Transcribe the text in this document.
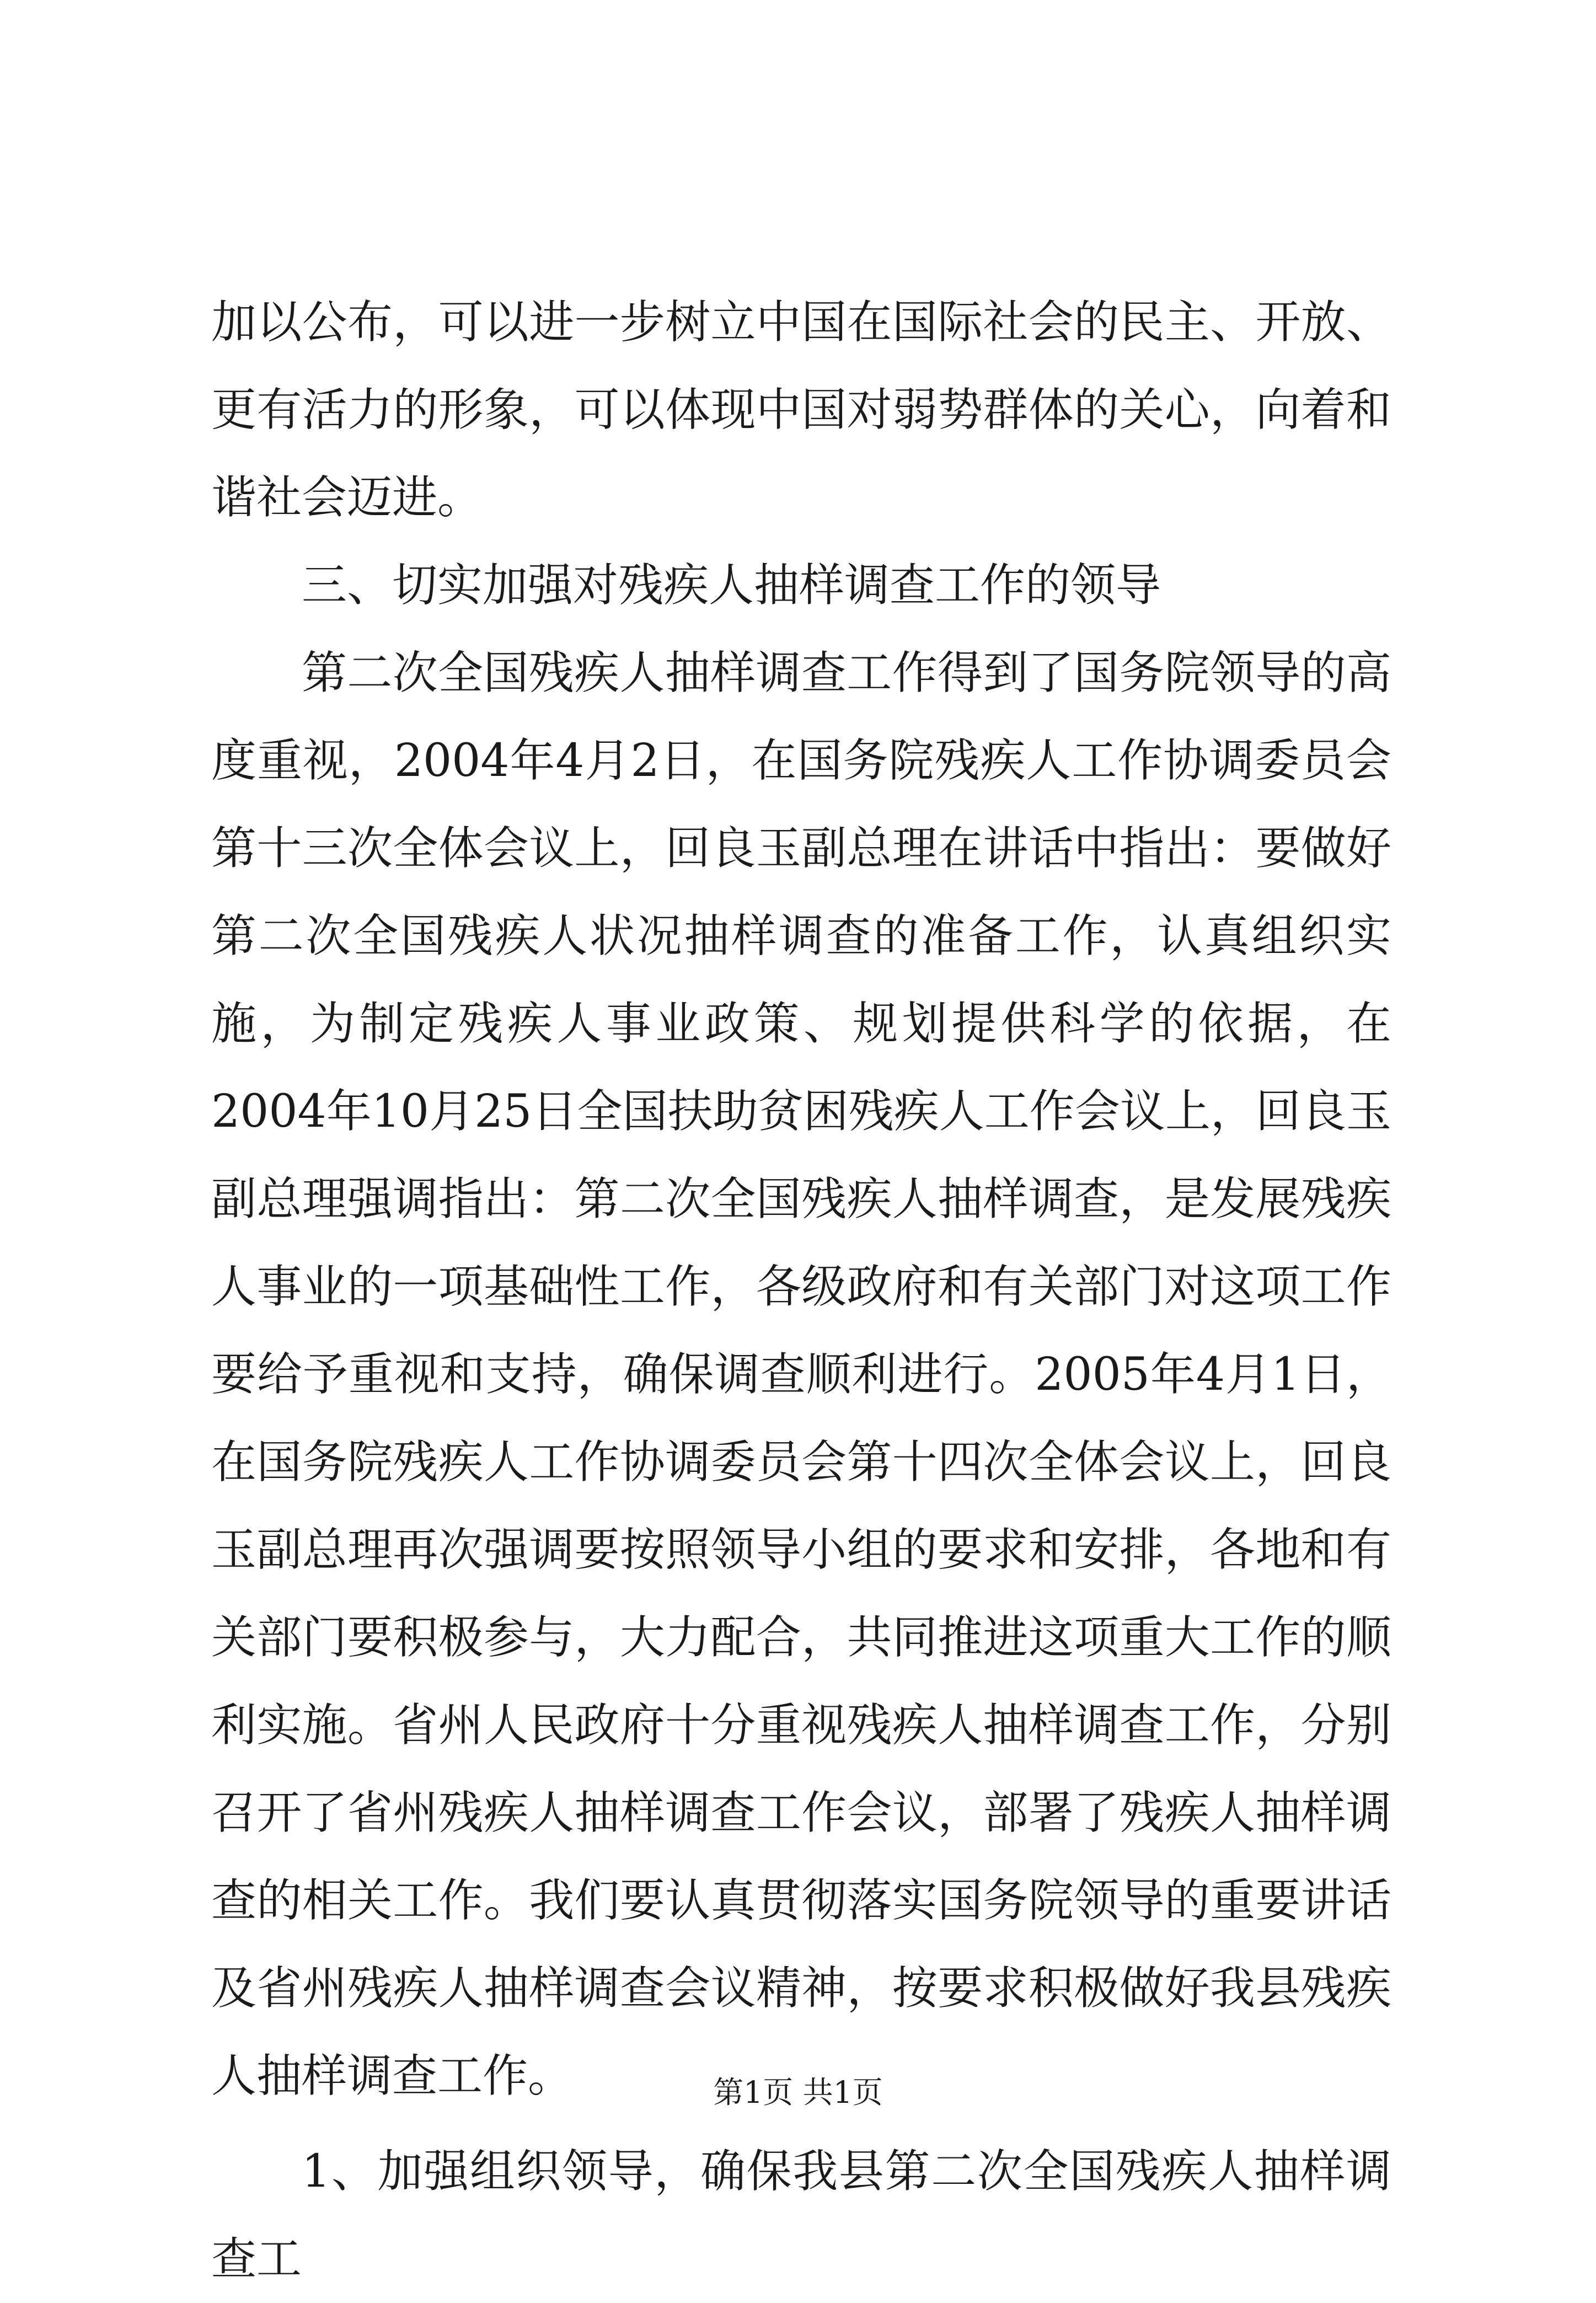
加以公布，可以进一步树立中国在国际社会的民主、开放、更有活力的形象，可以体现中国对弱势群体的关心，向着和谐社会迈进。

三、切实加强对残疾人抽样调查工作的领导

第二次全国残疾人抽样调查工作得到了国务院领导的高度重视，2004年4月2日，在国务院残疾人工作协调委员会第十三次全体会议上，回良玉副总理在讲话中指出：要做好第二次全国残疾人状况抽样调查的准备工作，认真组织实施，为制定残疾人事业政策、规划提供科学的依据，在2004年10月25日全国扶助贫困残疾人工作会议上，回良玉副总理强调指出：第二次全国残疾人抽样调查，是发展残疾人事业的一项基础性工作，各级政府和有关部门对这项工作要给予重视和支持，确保调查顺利进行。2005年4月1日，在国务院残疾人工作协调委员会第十四次全体会议上，回良玉副总理再次强调要按照领导小组的要求和安排，各地和有关部门要积极参与，大力配合，共同推进这项重大工作的顺利实施。省州人民政府十分重视残疾人抽样调查工作，分别召开了省州残疾人抽样调查工作会议，部署了残疾人抽样调查的相关工作。我们要认真贯彻落实国务院领导的重要讲话及省州残疾人抽样调查会议精神，按要求积极做好我县残疾人抽样调查工作。

1、加强组织领导，确保我县第二次全国残疾人抽样调查工

第1页 共1页
